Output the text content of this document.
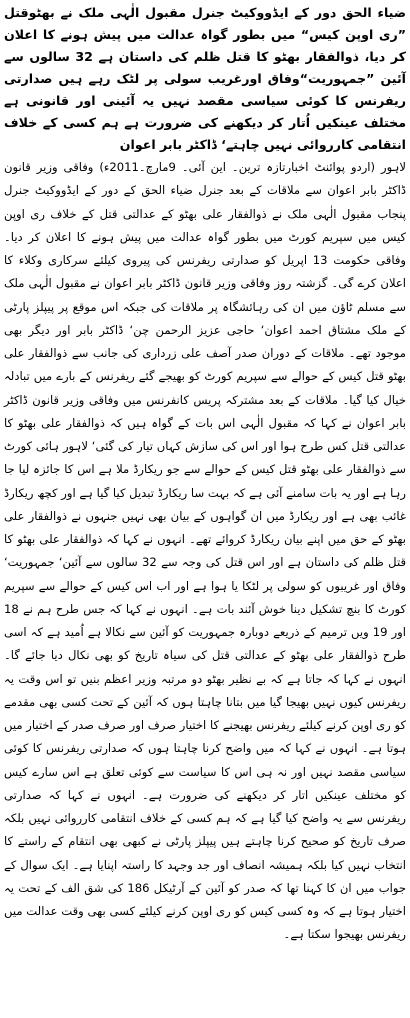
ضیاء الحق دور کے ایڈووکیٹ جنرل مقبول الٰہی ملک نے بھٹوقتل ”ری اوپن کیس“ میں بطور گواہ عدالت میں پیش ہونے کا اعلان کر دیا، ذوالفقار بھٹو کا قتل ظلم کی داستان ہے 32 سالوں سے آئین ”جمہوریت“وفاق اورغریب سولی پر لٹک رہے ہیں صدارتی ریفرنس کا کوئی سیاسی مقصد نہیں یہ آئینی اور قانونی ہے مختلف عینکیں اُتار کر دیکھنے کی ضرورت ہے ہم کسی کے خلاف انتقامی کارروائی نہیں چاہتے‘ ڈاکٹر بابر اعوان

لاہور (اردو پوائنٹ اخبارتازہ ترین۔ این آئی۔ 9مارچ۔2011ء) وفاقی وزیر قانون ڈاکٹر بابر اعوان سے ملاقات کے بعد جنرل ضیاء الحق کے دور کے ایڈووکیٹ جنرل پنجاب مقبول الٰہی ملک نے ذوالفقار علی بھٹو کے عدالتی قتل کے خلاف ری اوپن کیس میں سپریم کورٹ میں بطور گواہ عدالت میں پیش ہونے کا اعلان کر دیا۔ وفاقی حکومت 13 اپریل کو صدارتی ریفرنس کی پیروی کیلئے سرکاری وکلاء کا اعلان کرے گی۔ گزشتہ روز وفاقی وزیر قانون ڈاکٹر بابر اعوان نے مقبول الٰہی ملک سے مسلم ٹاؤن میں ان کی رہائشگاہ پر ملاقات کی جبکہ اس موقع پر پیپلز پارٹی کے ملک مشتاق احمد اعوان‘ حاجی عزیز الرحمن چن‘ ڈاکٹر بابر اور دیگر بھی موجود تھے۔ ملاقات کے دوران صدر آصف علی زرداری کی جانب سے ذوالفقار علی بھٹو قتل کیس کے حوالے سے سپریم کورٹ کو بھیجے گئے ریفرنس کے بارے میں تبادلہ خیال کیا گیا۔ ملاقات کے بعد مشترکہ پریس کانفرنس میں وفاقی وزیر قانون ڈاکٹر بابر اعوان نے کہا کہ مقبول الٰہی اس بات کے گواہ ہیں کہ ذوالفقار علی بھٹو کا عدالتی قتل کس طرح ہوا اور اس کی سازش کہاں تیار کی گئی‘ لاہور ہائی کورٹ سے ذوالفقار علی بھٹو قتل کیس کے حوالے سے جو ریکارڈ ملا ہے اس کا جائزہ لیا جا رہا ہے اور یہ بات سامنے آئی ہے کہ بہت سا ریکارڈ تبدیل کیا گیا ہے اور کچھ ریکارڈ غائب بھی ہے اور ریکارڈ میں ان گواہوں کے بیان بھی نہیں جنہوں نے ذوالفقار علی بھٹو کے حق میں اپنے بیان ریکارڈ کروائے تھے۔ انہوں نے کہا کہ ذوالفقار علی بھٹو کا قتل ظلم کی داستان ہے اور اس قتل کی وجہ سے 32 سالوں سے آئین‘ جمہوریت‘ وفاق اور غریبوں کو سولی پر لٹکا یا ہوا ہے اور اب اس کیس کے حوالے سے سپریم کورٹ کا بنچ تشکیل دینا خوش آئند بات ہے۔ انہوں نے کہا کہ جس طرح ہم نے 18 اور 19 ویں ترمیم کے ذریعے دوبارہ جمہوریت کو آئین سے نکالا ہے اُمید ہے کہ اسی طرح ذوالفقار علی بھٹو کے عدالتی قتل کی سیاہ تاریخ کو بھی نکال دیا جائے گا۔ انہوں نے کہا کہ جاتا ہے کہ بے نظیر بھٹو دو مرتبہ وزیر اعظم بنیں تو اس وقت یہ ریفرنس کیوں نہیں بھیجا گیا میں بتانا چاہتا ہوں کہ آئین کے تحت کسی بھی مقدمے کو ری اوپن کرنے کیلئے ریفرنس بھیجنے کا اختیار صرف اور صرف صدر کے اختیار میں ہوتا ہے۔ انہوں نے کہا کہ میں واضح کرنا چاہتا ہوں کہ صدارتی ریفرنس کا کوئی سیاسی مقصد نہیں اور نہ ہی اس کا سیاست سے کوئی تعلق ہے اس سارے کیس کو مختلف عینکیں اتار کر دیکھنے کی ضرورت ہے۔ انہوں نے کہا کہ صدارتی ریفرنس سے یہ واضح کیا گیا ہے کہ ہم کسی کے خلاف انتقامی کارروائی نہیں بلکہ صرف تاریخ کو صحیح کرنا چاہتے ہیں پیپلز پارٹی نے کبھی بھی انتقام کے راستے کا انتخاب نہیں کیا بلکہ ہمیشہ انصاف اور جد وجہد کا راستہ اپنایا ہے۔ ایک سوال کے جواب میں ان کا کہنا تھا کہ صدر کو آئین کے آرٹیکل 186 کی شق الف کے تحت یہ اختیار ہوتا ہے کہ وہ کسی کیس کو ری اوپن کرنے کیلئے کسی بھی وقت عدالت میں ریفرنس بھیجوا سکتا ہے۔
